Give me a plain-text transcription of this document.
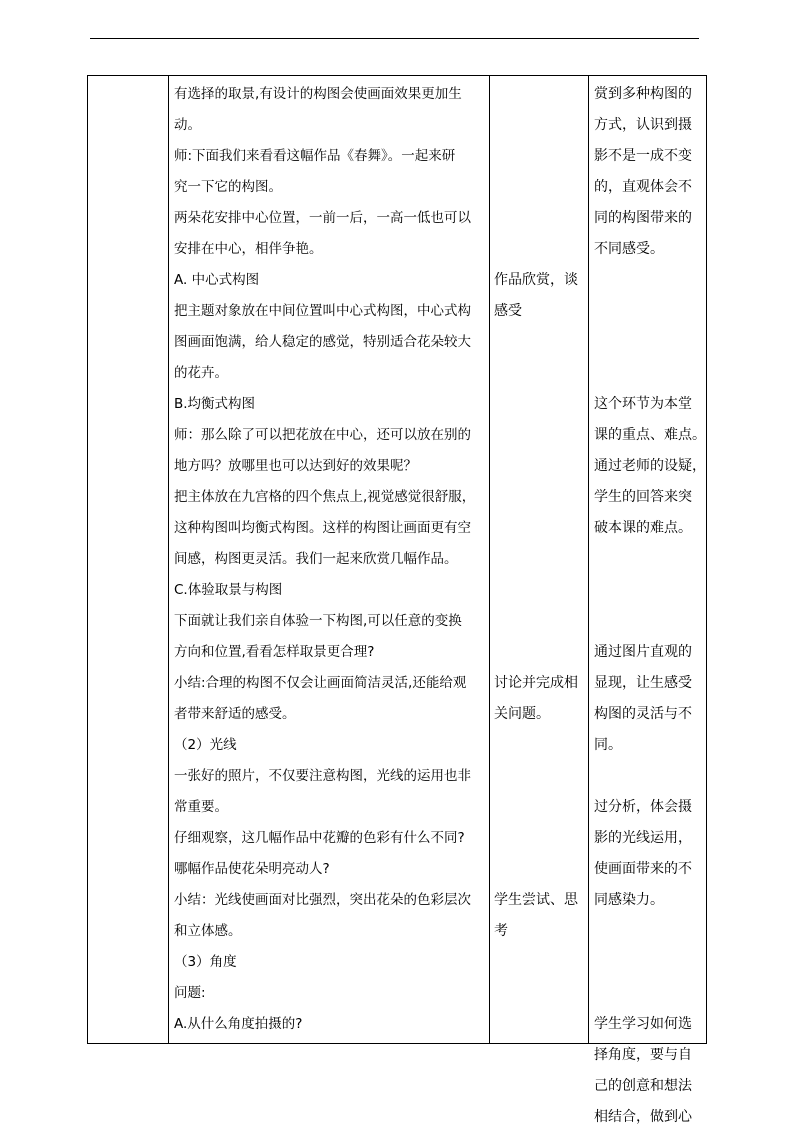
有选择的取景,有设计的构图会使画面效果更加生
动。
师:下面我们来看看这幅作品《春舞》。一起来研
究一下它的构图。
两朵花安排中心位置，一前一后，一高一低也可以
安排在中心，相伴争艳。
A. 中心式构图
把主题对象放在中间位置叫中心式构图，中心式构
图画面饱满，给人稳定的感觉，特别适合花朵较大
的花卉。
B.均衡式构图
师：那么除了可以把花放在中心，还可以放在别的
地方吗？放哪里也可以达到好的效果呢？
把主体放在九宫格的四个焦点上,视觉感觉很舒服，
这种构图叫均衡式构图。这样的构图让画面更有空
间感，构图更灵活。我们一起来欣赏几幅作品。
C.体验取景与构图
下面就让我们亲自体验一下构图,可以任意的变换
方向和位置,看看怎样取景更合理?
小结:合理的构图不仅会让画面简洁灵活,还能给观
者带来舒适的感受。
（2）光线
一张好的照片，不仅要注意构图，光线的运用也非
常重要。
仔细观察，这几幅作品中花瓣的色彩有什么不同?
哪幅作品使花朵明亮动人?
小结：光线使画面对比强烈，突出花朵的色彩层次
和立体感。
（3）角度
问题:
A.从什么角度拍摄的?
作品欣赏，谈
感受
讨论并完成相
关问题。
学生尝试、思
考
赏到多种构图的
方式，认识到摄
影不是一成不变
的，直观体会不
同的构图带来的
不同感受。
这个环节为本堂
课的重点、难点。
通过老师的设疑，
学生的回答来突
破本课的难点。
通过图片直观的
显现，让生感受
构图的灵活与不
同。
过分析，体会摄
影的光线运用，
使画面带来的不
同感染力。
学生学习如何选
择角度，要与自
己的创意和想法
相结合，做到心
